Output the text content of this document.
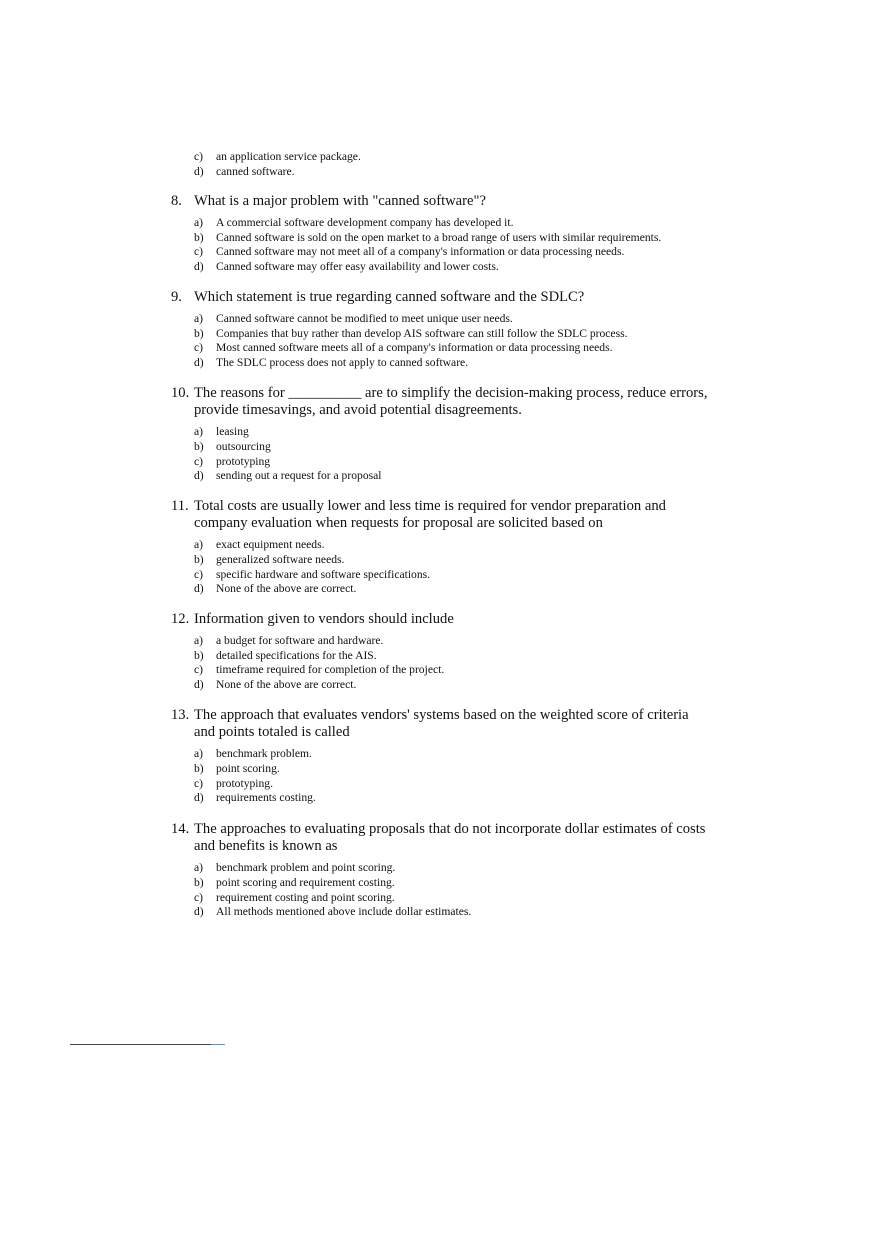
c)	an application service package.
d)	canned software.
8. What is a major problem with "canned software"?
a)	A commercial software development company has developed it.
b)	Canned software is sold on the open market to a broad range of users with similar requirements.
c)	Canned software may not meet all of a company's information or data processing needs.
d)	Canned software may offer easy availability and lower costs.
9. Which statement is true regarding canned software and the SDLC?
a)	Canned software cannot be modified to meet unique user needs.
b)	Companies that buy rather than develop AIS software can still follow the SDLC process.
c)	Most canned software meets all of a company's information or data processing needs.
d)	The SDLC process does not apply to canned software.
10. The reasons for __________ are to simplify the decision-making process, reduce errors, provide timesavings, and avoid potential disagreements.
a)	leasing
b)	outsourcing
c)	prototyping
d)	sending out a request for a proposal
11. Total costs are usually lower and less time is required for vendor preparation and company evaluation when requests for proposal are solicited based on
a)	exact equipment needs.
b)	generalized software needs.
c)	specific hardware and software specifications.
d)	None of the above are correct.
12. Information given to vendors should include
a)	a budget for software and hardware.
b)	detailed specifications for the AIS.
c)	timeframe required for completion of the project.
d)	None of the above are correct.
13. The approach that evaluates vendors' systems based on the weighted score of criteria and points totaled is called
a)	benchmark problem.
b)	point scoring.
c)	prototyping.
d)	requirements costing.
14. The approaches to evaluating proposals that do not incorporate dollar estimates of costs and benefits is known as
a)	benchmark problem and point scoring.
b)	point scoring and requirement costing.
c)	requirement costing and point scoring.
d)	All methods mentioned above include dollar estimates.
